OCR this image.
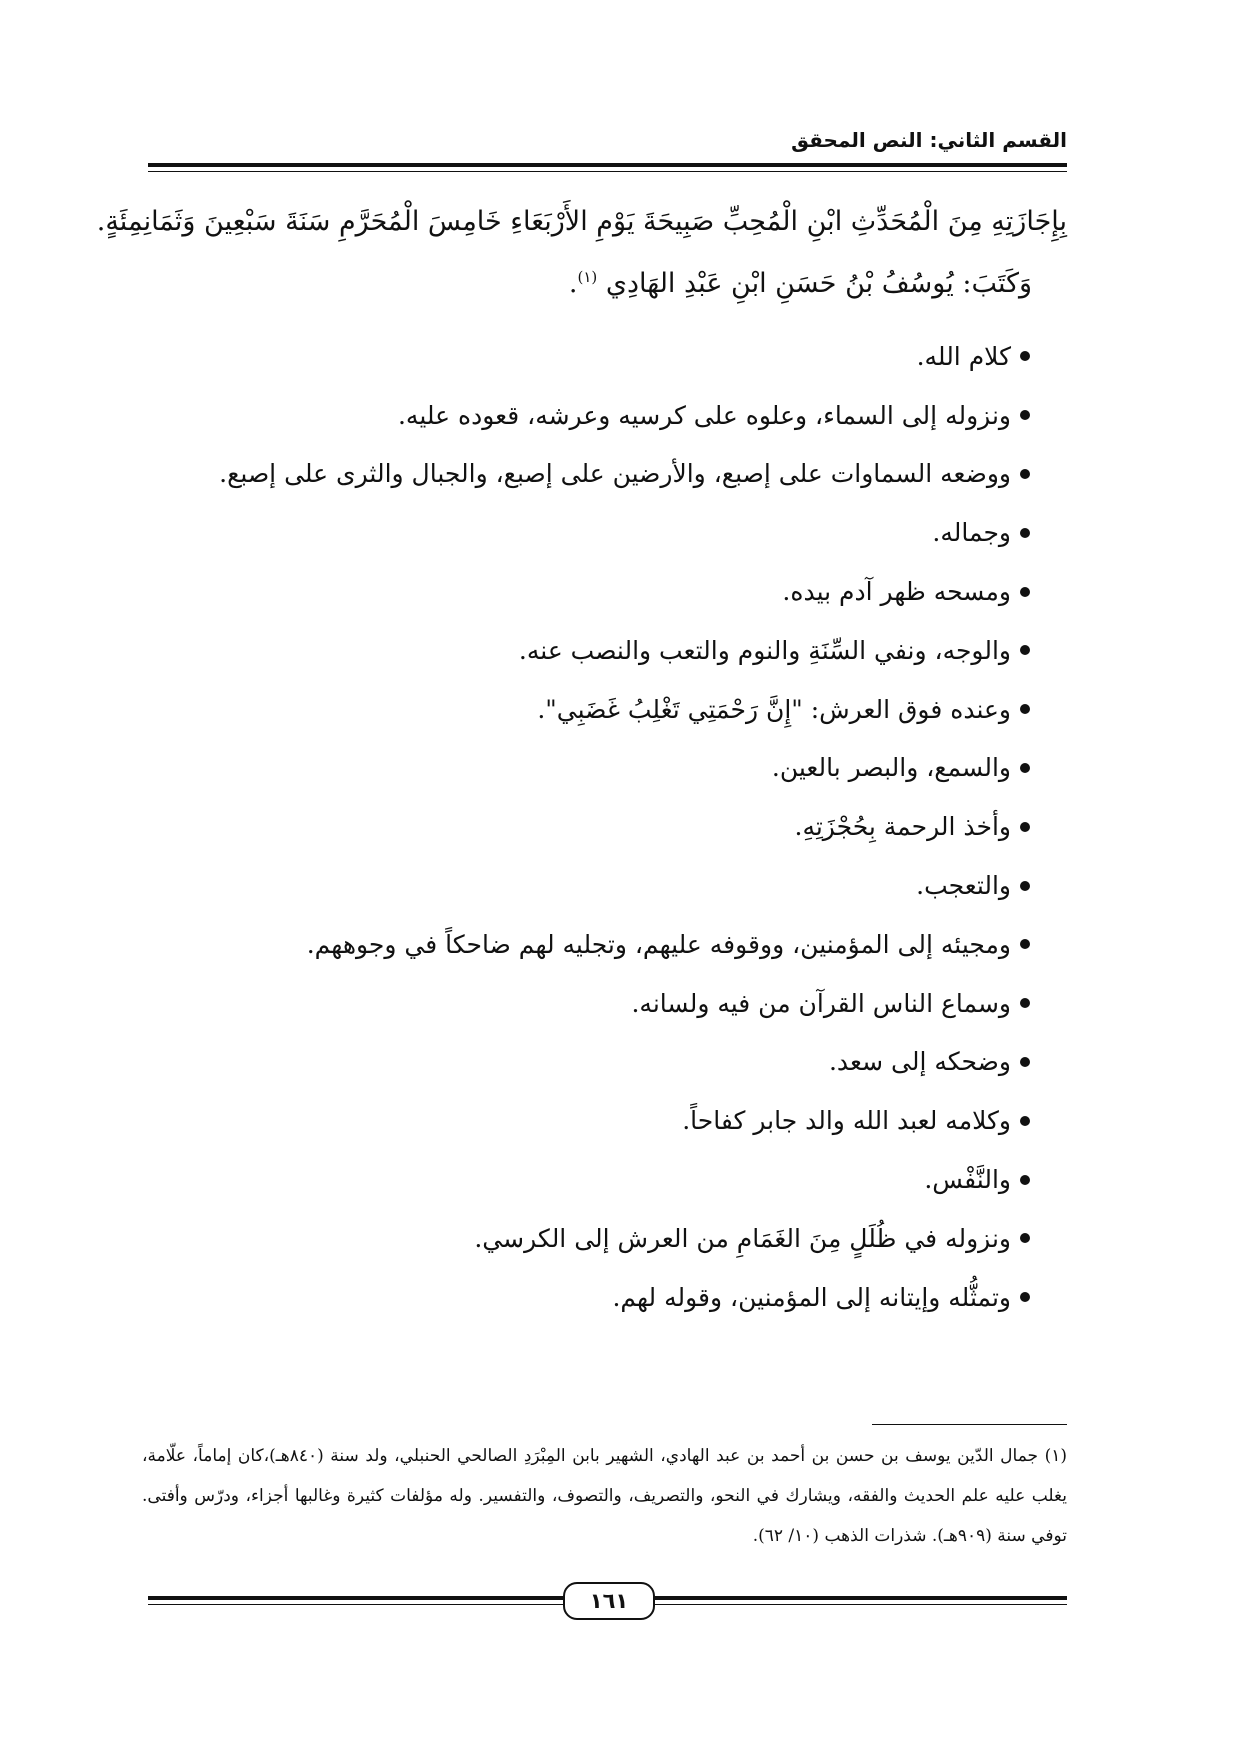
القسم الثاني: النص المحقق
بِإِجَازَتِهِ مِنَ الْمُحَدِّثِ ابْنِ الْمُحِبِّ صَبِيحَةَ يَوْمِ الأَرْبَعَاءِ خَامِسَ الْمُحَرَّمِ سَنَةَ سَبْعِينَ وَثَمَانِمِئَةٍ.
وَكَتَبَ: يُوسُفُ بْنُ حَسَنِ ابْنِ عَبْدِ الهَادِي $^{(١)}$.
كلام الله.
ونزوله إلى السماء، وعلوه على كرسيه وعرشه، قعوده عليه.
ووضعه السماوات على إصبع، والأرضين على إصبع، والجبال والثرى على إصبع.
وجماله.
ومسحه ظهر آدم بيده.
والوجه، ونفي السِّنَةِ والنوم والتعب والنصب عنه.
وعنده فوق العرش: "إِنَّ رَحْمَتِي تَغْلِبُ غَضَبِي".
والسمع، والبصر بالعين.
وأخذ الرحمة بِحُجْزَتِهِ.
والتعجب.
ومجيئه إلى المؤمنين، ووقوفه عليهم، وتجليه لهم ضاحكاً في وجوههم.
وسماع الناس القرآن من فيه ولسانه.
وضحكه إلى سعد.
وكلامه لعبد الله والد جابر كفاحاً.
والنَّفْس.
ونزوله في ظُلَلٍ مِنَ الغَمَامِ من العرش إلى الكرسي.
وتمثُّله وإيتانه إلى المؤمنين، وقوله لهم.
(١) جمال الدّين يوسف بن حسن بن أحمد بن عبد الهادي، الشهير بابن المِبْرَدِ الصالحي الحنبلي، ولد سنة (٨٤٠هـ)،كان إماماً، علّامة، يغلب عليه علم الحديث والفقه، ويشارك في النحو، والتصريف، والتصوف، والتفسير. وله مؤلفات كثيرة وغالبها أجزاء، ودرّس وأفتى. توفي سنة (٩٠٩هـ). شذرات الذهب (١٠/ ٦٢).
١٦١
